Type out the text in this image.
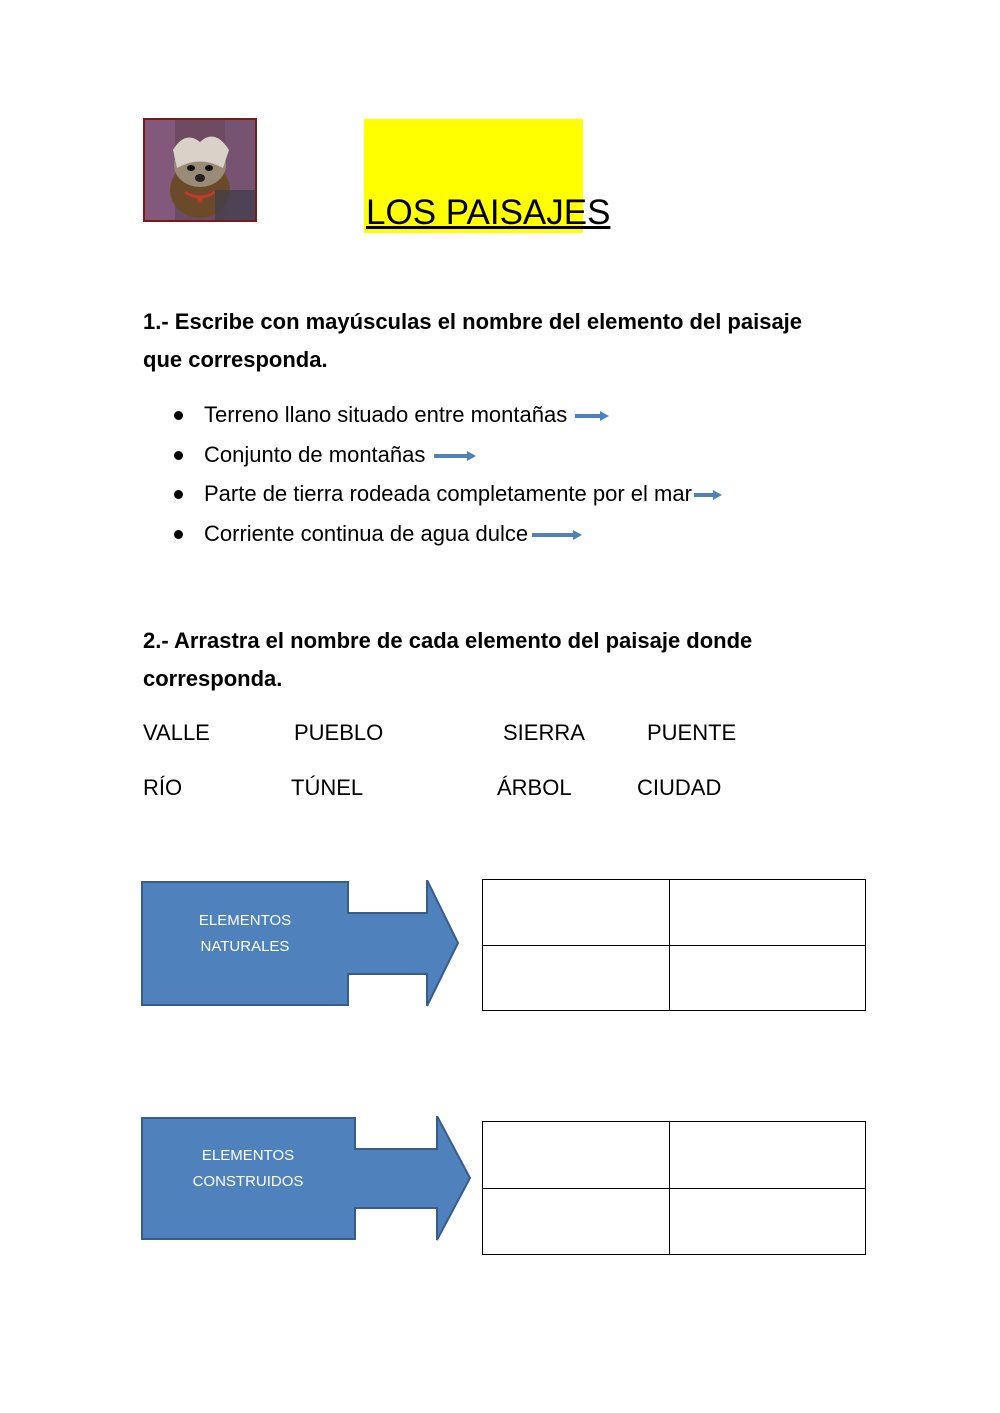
LOS PAISAJES
1.- Escribe con mayúsculas el nombre del elemento del paisaje
que corresponda.
Terreno llano situado entre montañas
Conjunto de montañas
Parte de tierra rodeada completamente por el mar
Corriente continua de agua dulce
2.- Arrastra el nombre de cada elemento del paisaje donde
corresponda.
VALLE	PUEBLO	SIERRA	PUENTE
RÍO	TÚNEL	ÁRBOL	CIUDAD
ELEMENTOS
NATURALES

ELEMENTOS
CONSTRUIDOS
